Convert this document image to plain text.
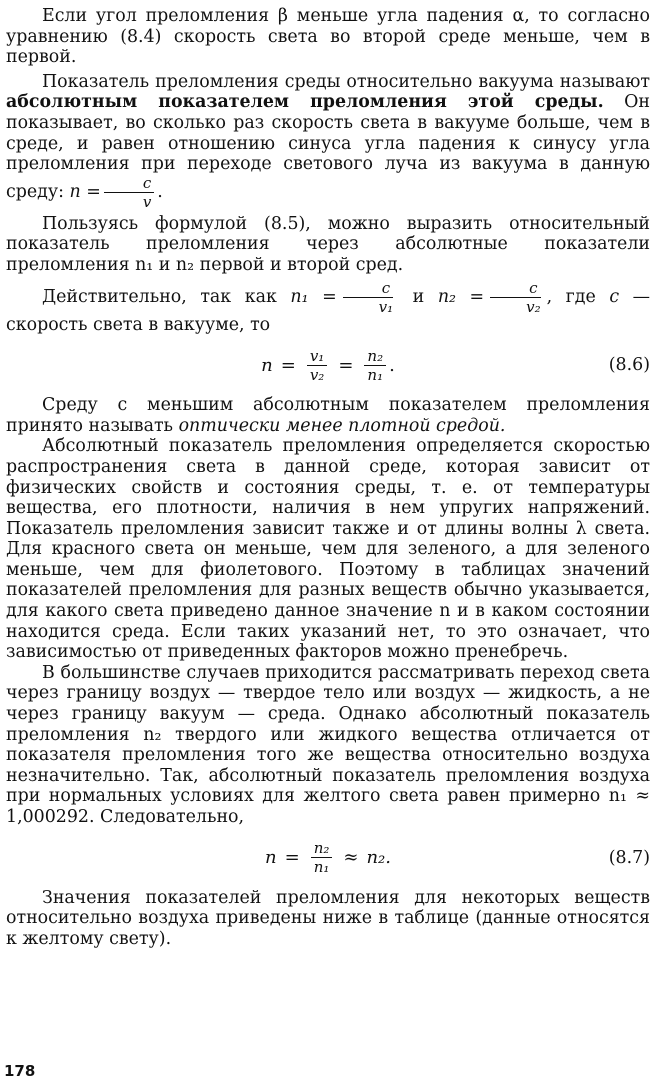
Если угол преломления β меньше угла падения α, то согласно уравнению (8.4) скорость света во второй среде меньше, чем в первой.

Показатель преломления среды относительно вакуума называют абсолютным показателем преломления этой среды. Он показывает, во сколько раз скорость света в вакууме больше, чем в среде, и равен отношению синуса угла падения к синусу угла преломления при переходе светового луча из вакуума в данную среду: $n = \frac{c}{v}$ .

Пользуясь формулой (8.5), можно выразить относительный показатель преломления через абсолютные показатели преломления n₁ и n₂ первой и второй сред.

Действительно, так как $n_1 = \frac{c}{\text{v₁}}$ и $n_2 = \frac{c}{\text{v₂}}$ , где c — скорость света в вакууме, то

$n = \frac{\text{v₁}}{\text{v₂}} = \frac{\text{n₂}}{\text{n₁}}$ .	(8.6)

Среду с меньшим абсолютным показателем преломления принято называть оптически менее плотной средой.

Абсолютный показатель преломления определяется скоростью распространения света в данной среде, которая зависит от физических свойств и состояния среды, т. е. от температуры вещества, его плотности, наличия в нем упругих напряжений. Показатель преломления зависит также и от длины волны λ света. Для красного света он меньше, чем для зеленого, а для зеленого меньше, чем для фиолетового. Поэтому в таблицах значений показателей преломления для разных веществ обычно указывается, для какого света приведено данное значение n и в каком состоянии находится среда. Если таких указаний нет, то это означает, что зависимостью от приведенных факторов можно пренебречь.

В большинстве случаев приходится рассматривать переход света через границу воздух — твердое тело или воздух — жидкость, а не через границу вакуум — среда. Однако абсолютный показатель преломления n₂ твердого или жидкого вещества отличается от показателя преломления того же вещества относительно воздуха незначительно. Так, абсолютный показатель преломления воздуха при нормальных условиях для желтого света равен примерно n₁ ≈ 1,000292. Следовательно,

$n = \frac{\text{n₂}}{\text{n₁}} \approx n_2$.	(8.7)

Значения показателей преломления для некоторых веществ относительно воздуха приведены ниже в таблице (данные относятся к желтому свету).

178
